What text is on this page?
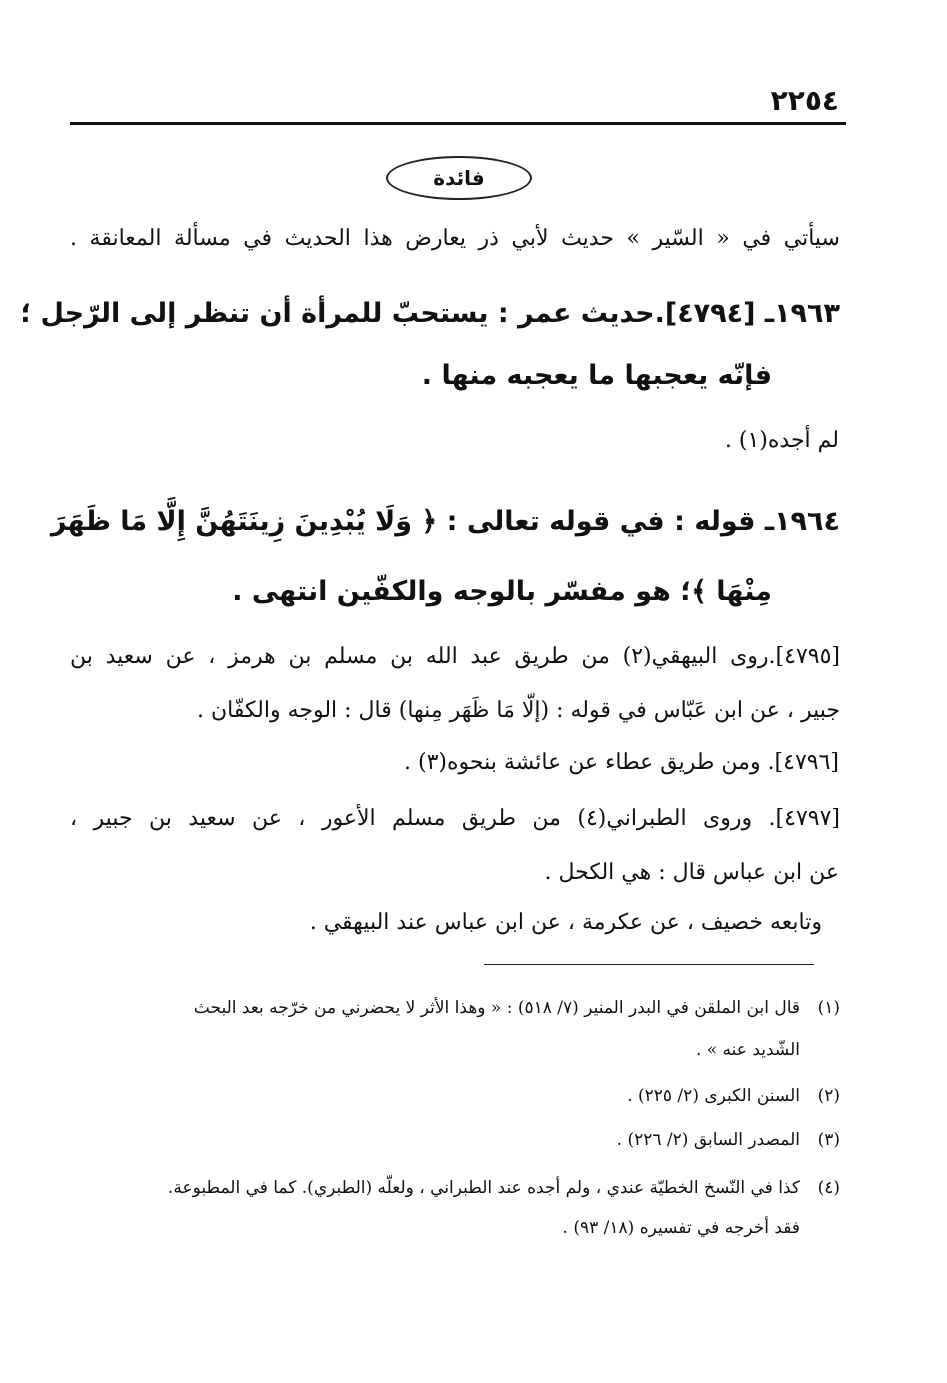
٢٢٥٤
فائدة
سيأتي في « السّير » حديث لأبي ذر يعارض هذا الحديث في مسألة المعانقة .
١٩٦٣ـ [٤٧٩٤].حديث عمر : يستحبّ للمرأة أن تنظر إلى الرّجل ؛
فإنّه يعجبها ما يعجبه منها .
لم أجده(١) .
١٩٦٤ـ قوله : في قوله تعالى : ﴿ وَلَا يُبْدِينَ زِينَتَهُنَّ إِلَّا مَا ظَهَرَ
مِنْهَا ﴾؛ هو مفسّر بالوجه والكفّين انتهى .
[٤٧٩٥].روى البيهقي(٢) من طريق عبد الله بن مسلم بن هرمز ، عن سعيد بن
جبير ، عن ابن عَبّاس في قوله : (إلّا مَا ظَهَر مِنها) قال : الوجه والكفّان .
[٤٧٩٦]. ومن طريق عطاء عن عائشة بنحوه(٣) .
[٤٧٩٧]. وروى الطبراني(٤) من طريق مسلم الأعور ، عن سعيد بن جبير ،
عن ابن عباس قال : هي الكحل .
وتابعه خصيف ، عن عكرمة ، عن ابن عباس عند البيهقي .
(١)قال ابن الملقن في البدر المنير (٧/ ٥١٨) : « وهذا الأثر لا يحضرني من خرّجه بعد البحث
الشّديد عنه » .
(٢)السنن الكبرى (٢/ ٢٢٥) .
(٣)المصدر السابق (٢/ ٢٢٦) .
(٤)كذا في النّسخ الخطيّة عندي ، ولم أجده عند الطبراني ، ولعلّه (الطبري). كما في المطبوعة.
فقد أخرجه في تفسيره (١٨/ ٩٣) .
